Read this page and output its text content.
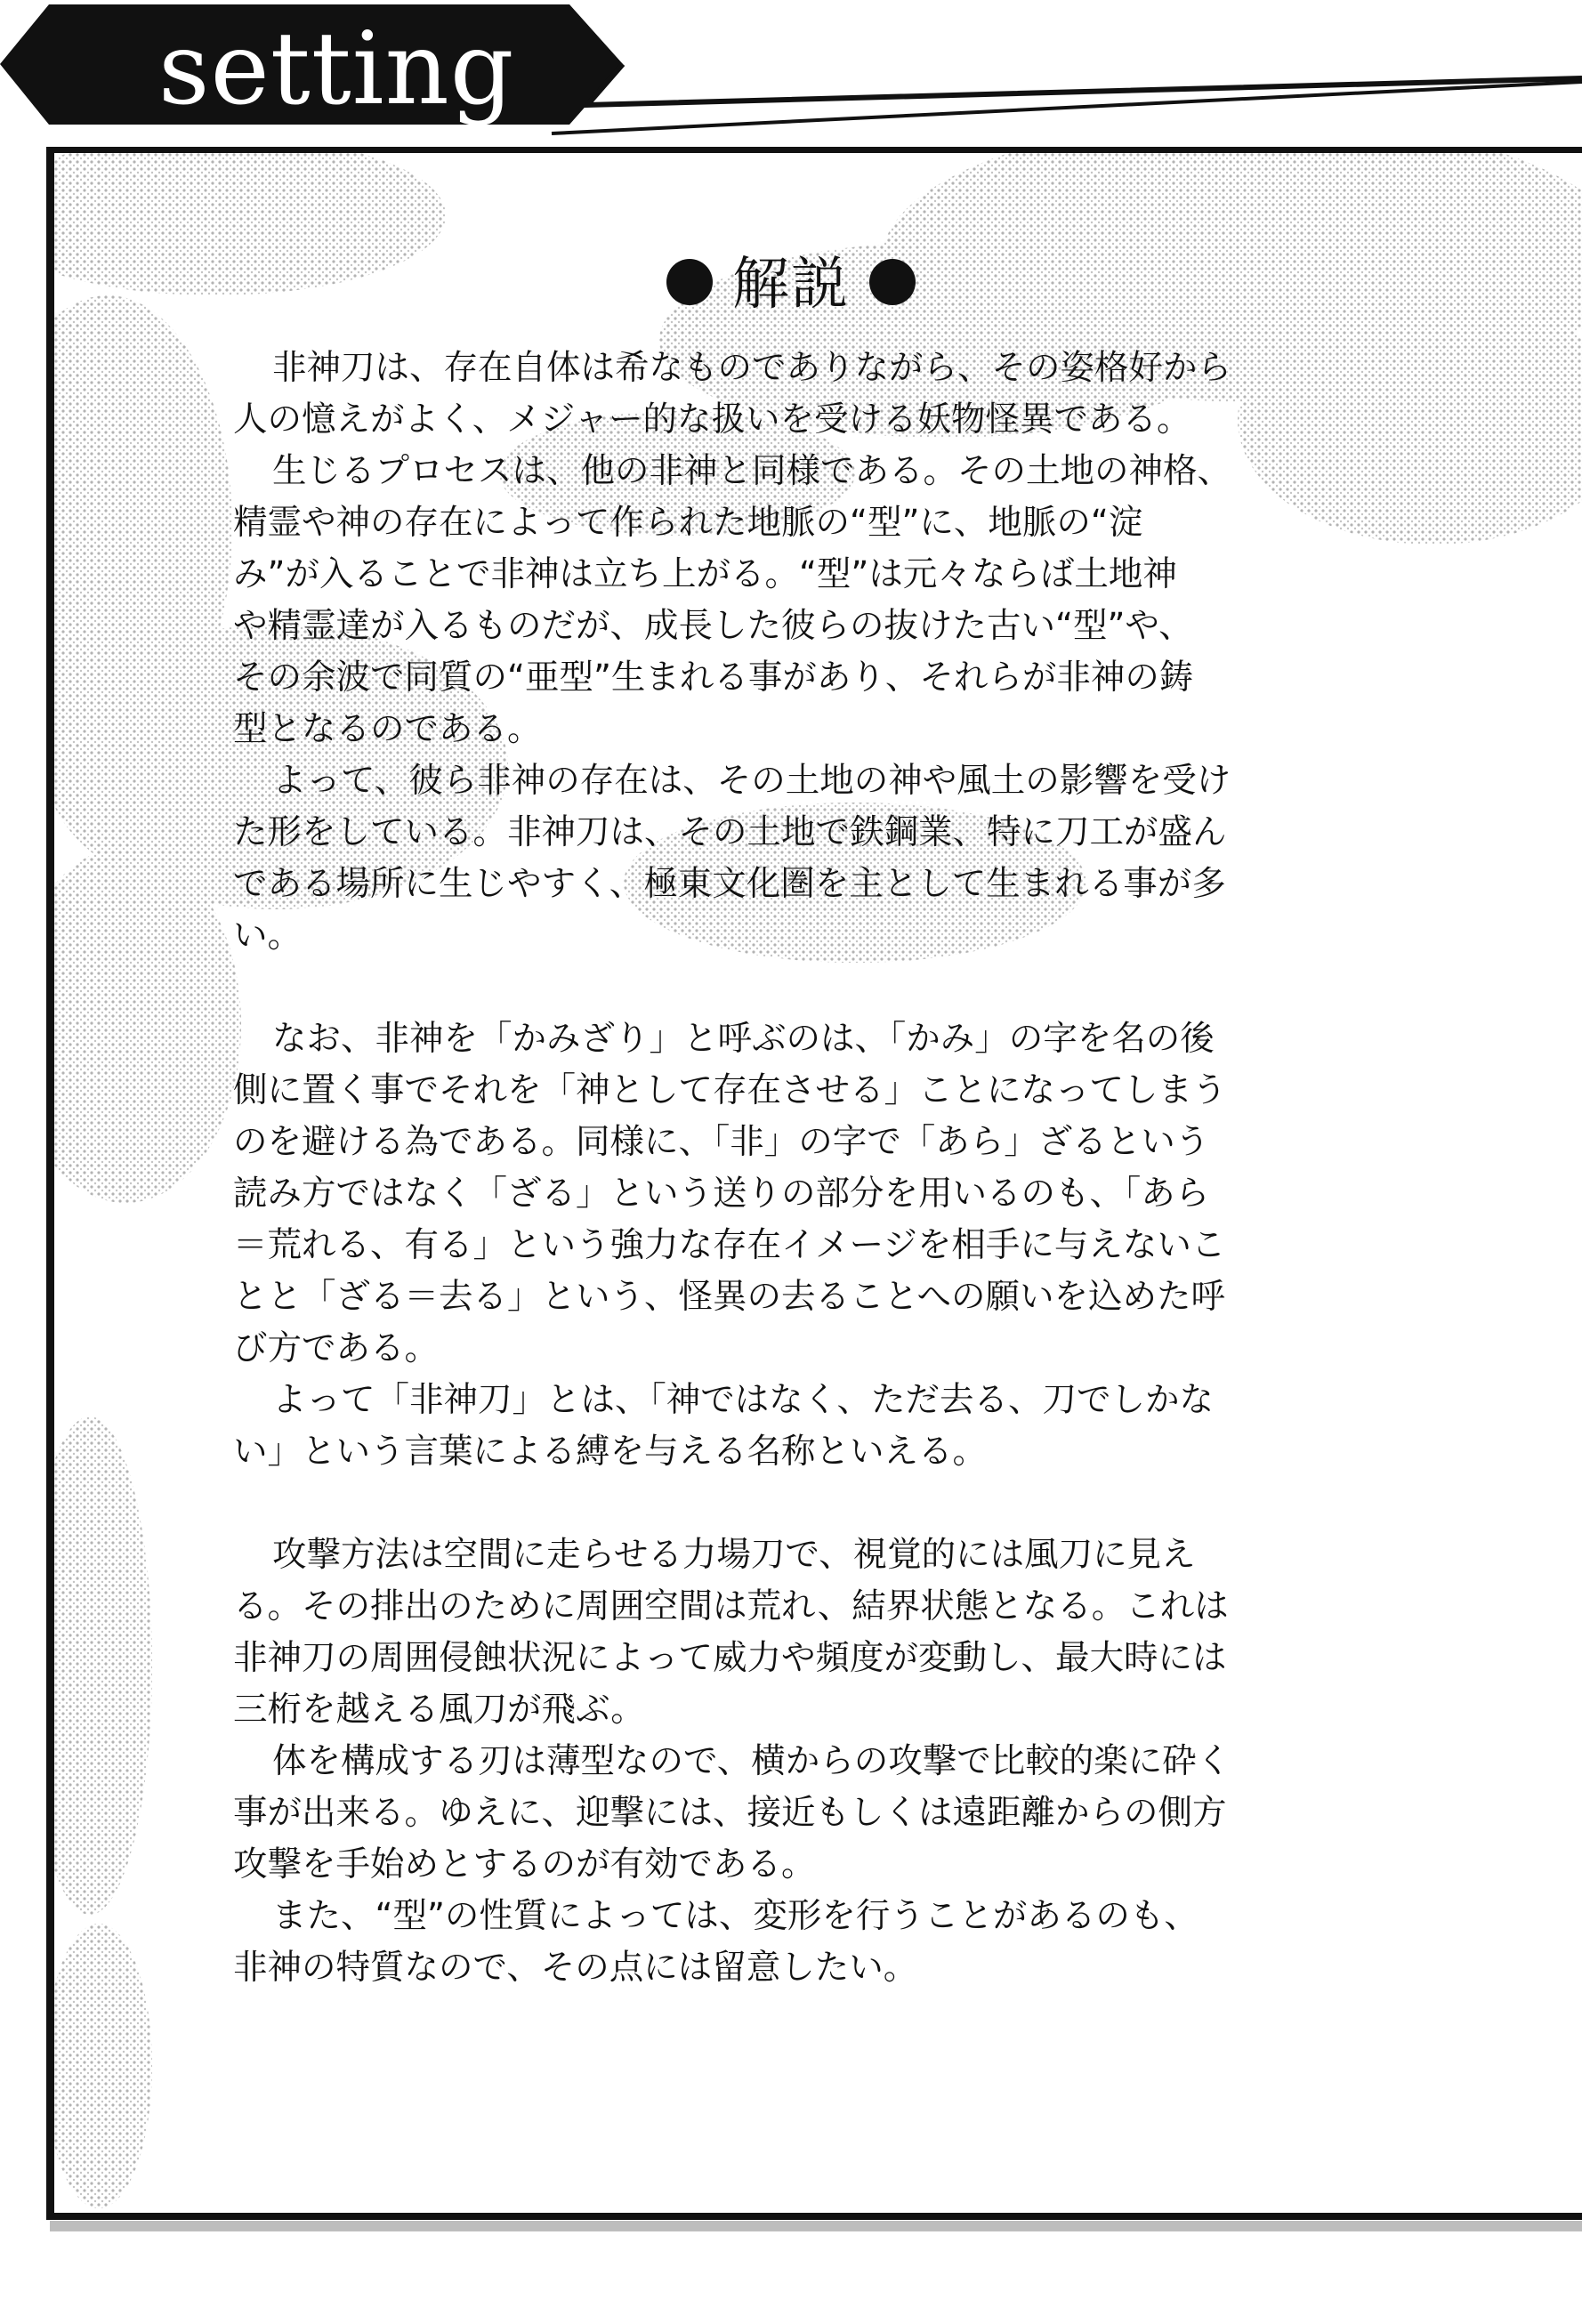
setting
解説
非神刀は、存在自体は希なものでありながら、その姿格好から
人の憶えがよく、メジャー的な扱いを受ける妖物怪異である。
生じるプロセスは、他の非神と同様である。その土地の神格、
精霊や神の存在によって作られた地脈の“型”に、地脈の“淀
み”が入ることで非神は立ち上がる。“型”は元々ならば土地神
や精霊達が入るものだが、成長した彼らの抜けた古い“型”や、
その余波で同質の“亜型”生まれる事があり、それらが非神の鋳
型となるのである。
よって、彼ら非神の存在は、その土地の神や風土の影響を受け
た形をしている。非神刀は、その土地で鉄鋼業、特に刀工が盛ん
である場所に生じやすく、極東文化圏を主として生まれる事が多
い。
なお、非神を「かみざり」と呼ぶのは、「かみ」の字を名の後
側に置く事でそれを「神として存在させる」ことになってしまう
のを避ける為である。同様に、「非」の字で「あら」ざるという
読み方ではなく「ざる」という送りの部分を用いるのも、「あら
＝荒れる、有る」という強力な存在イメージを相手に与えないこ
とと「ざる＝去る」という、怪異の去ることへの願いを込めた呼
び方である。
よって「非神刀」とは、「神ではなく、ただ去る、刀でしかな
い」という言葉による縛を与える名称といえる。
攻撃方法は空間に走らせる力場刀で、視覚的には風刀に見え
る。その排出のために周囲空間は荒れ、結界状態となる。これは
非神刀の周囲侵蝕状況によって威力や頻度が変動し、最大時には
三桁を越える風刀が飛ぶ。
体を構成する刃は薄型なので、横からの攻撃で比較的楽に砕く
事が出来る。ゆえに、迎撃には、接近もしくは遠距離からの側方
攻撃を手始めとするのが有効である。
また、“型”の性質によっては、変形を行うことがあるのも、
非神の特質なので、その点には留意したい。
